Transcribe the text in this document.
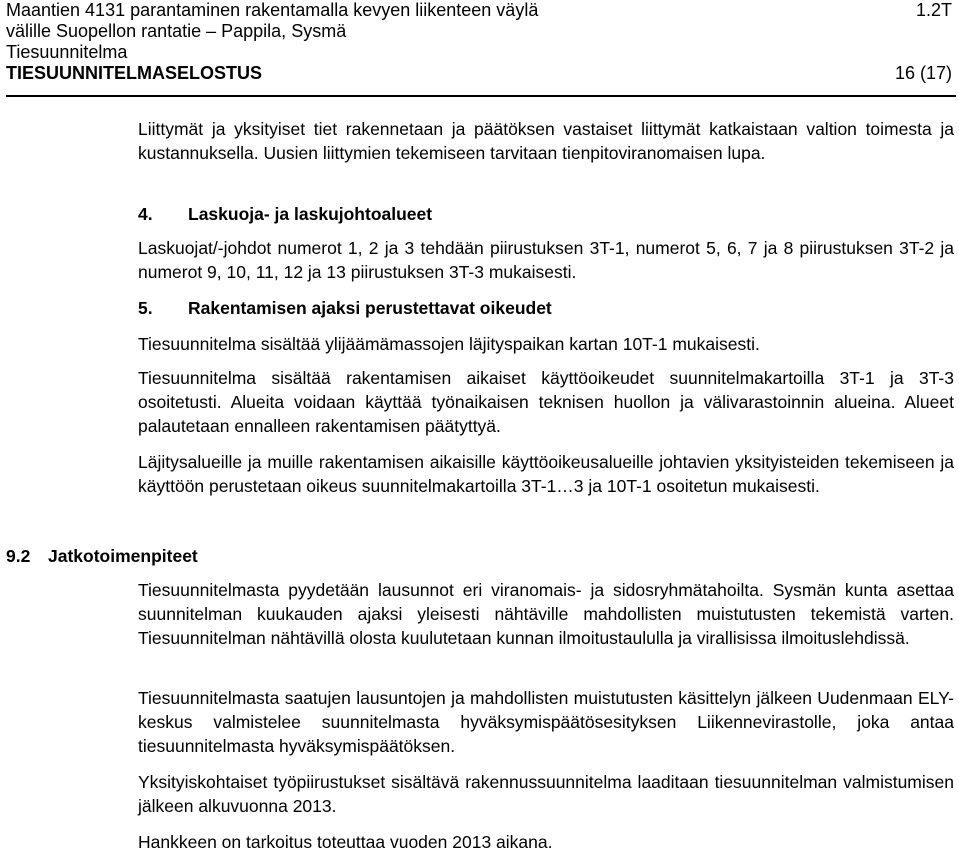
Maantien 4131 parantaminen rakentamalla kevyen liikenteen väylä	1.2T
välille Suopellon rantatie – Pappila, Sysmä
Tiesuunnitelma
TIESUUNNITELMASELOSTUS	16 (17)

Liittymät ja yksityiset tiet rakennetaan ja päätöksen vastaiset liittymät katkaistaan valtion toimesta ja kustannuksella. Uusien liittymien tekemiseen tarvitaan tienpitoviranomaisen lupa.

4. Laskuoja- ja laskujohtoalueet

Laskuojat/-johdot numerot 1, 2 ja 3 tehdään piirustuksen 3T-1, numerot 5, 6, 7 ja 8 piirustuksen 3T-2 ja numerot 9, 10, 11, 12 ja 13 piirustuksen 3T-3 mukaisesti.

5. Rakentamisen ajaksi perustettavat oikeudet

Tiesuunnitelma sisältää ylijäämämassojen läjityspaikan kartan 10T-1 mukaisesti.

Tiesuunnitelma sisältää rakentamisen aikaiset käyttöoikeudet suunnitelmakartoilla 3T-1 ja 3T-3 osoitetusti. Alueita voidaan käyttää työnaikaisen teknisen huollon ja välivarastoinnin alueina. Alueet palautetaan ennalleen rakentamisen päätyttyä.

Läjitysalueille ja muille rakentamisen aikaisille käyttöoikeusalueille johtavien yksityisteiden tekemiseen ja käyttöön perustetaan oikeus suunnitelmakartoilla 3T-1…3 ja 10T-1 osoitetun mukaisesti.

9.2 Jatkotoimenpiteet

Tiesuunnitelmasta pyydetään lausunnot eri viranomais- ja sidosryhmätahoilta. Sysmän kunta asettaa suunnitelman kuukauden ajaksi yleisesti nähtäville mahdollisten muistutusten tekemistä varten. Tiesuunnitelman nähtävillä olosta kuulutetaan kunnan ilmoitustaululla ja virallisissa ilmoituslehdissä.

Tiesuunnitelmasta saatujen lausuntojen ja mahdollisten muistutusten käsittelyn jälkeen Uudenmaan ELY-keskus valmistelee suunnitelmasta hyväksymispäätösesityksen Liikennevirastolle, joka antaa tiesuunnitelmasta hyväksymispäätöksen.

Yksityiskohtaiset työpiirustukset sisältävä rakennussuunnitelma laaditaan tiesuunnitelman valmistumisen jälkeen alkuvuonna 2013.

Hankkeen on tarkoitus toteuttaa vuoden 2013 aikana.
